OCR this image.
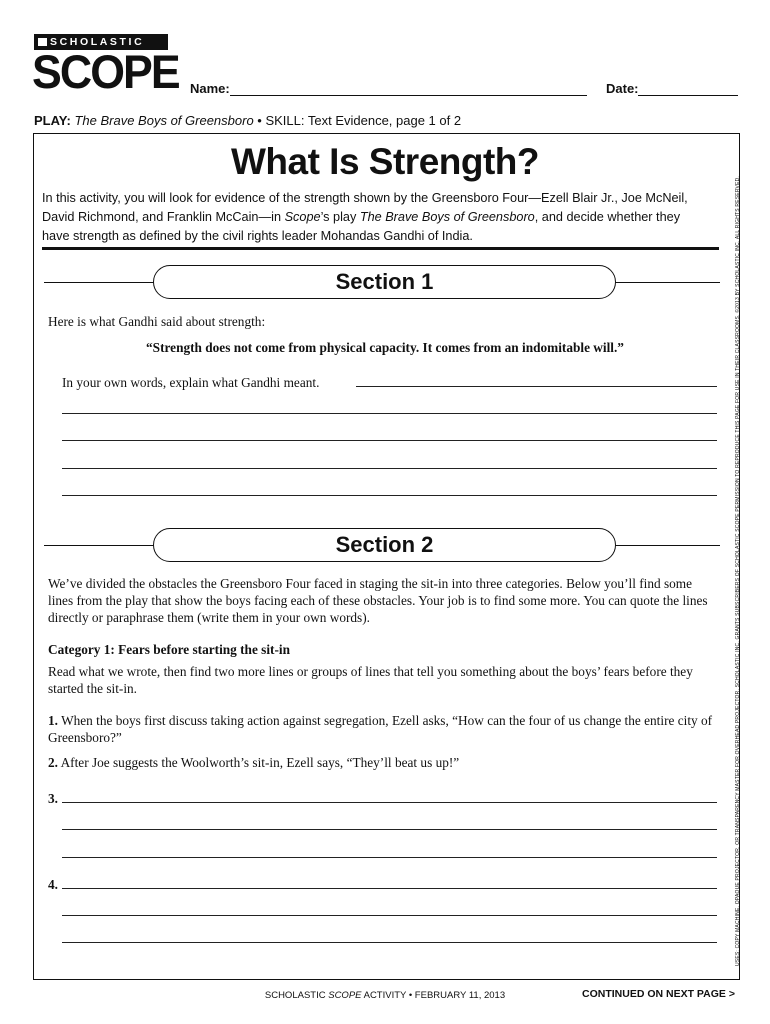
SCHOLASTIC
SCOPE Name:	Date:
PLAY: The Brave Boys of Greensboro • SKILL: Text Evidence, page 1 of 2
What Is Strength?
In this activity, you will look for evidence of the strength shown by the Greensboro Four—Ezell Blair Jr., Joe McNeil, David Richmond, and Franklin McCain—in Scope’s play The Brave Boys of Greensboro, and decide whether they have strength as defined by the civil rights leader Mohandas Gandhi of India.
Section 1
Here is what Gandhi said about strength:
“Strength does not come from physical capacity. It comes from an indomitable will.”
In your own words, explain what Gandhi meant.
Section 2
We’ve divided the obstacles the Greensboro Four faced in staging the sit-in into three categories. Below you’ll find some lines from the play that show the boys facing each of these obstacles. Your job is to find some more. You can quote the lines directly or paraphrase them (write them in your own words).
Category 1: Fears before starting the sit-in
Read what we wrote, then find two more lines or groups of lines that tell you something about the boys’ fears before they started the sit-in.
1. When the boys first discuss taking action against segregation, Ezell asks, “How can the four of us change the entire city of Greensboro?”
2. After Joe suggests the Woolworth’s sit-in, Ezell says, “They’ll beat us up!”
3.
4.	USES: COPY MACHINE, OPAQUE PROJECTOR, OR TRANSPARENCY MASTER FOR OVERHEAD PROJECTOR. SCHOLASTIC INC. GRANTS SUBSCRIBERS OF SCHOLASTIC SCOPE PERMISSION TO REPRODUCE THIS PAGE FOR USE IN THEIR CLASSROOMS. ©2013 BY SCHOLASTIC INC. ALL RIGHTS RESERVED.
SCHOLASTIC SCOPE ACTIVITY • FEBRUARY 11, 2013	CONTINUED ON NEXT PAGE >
